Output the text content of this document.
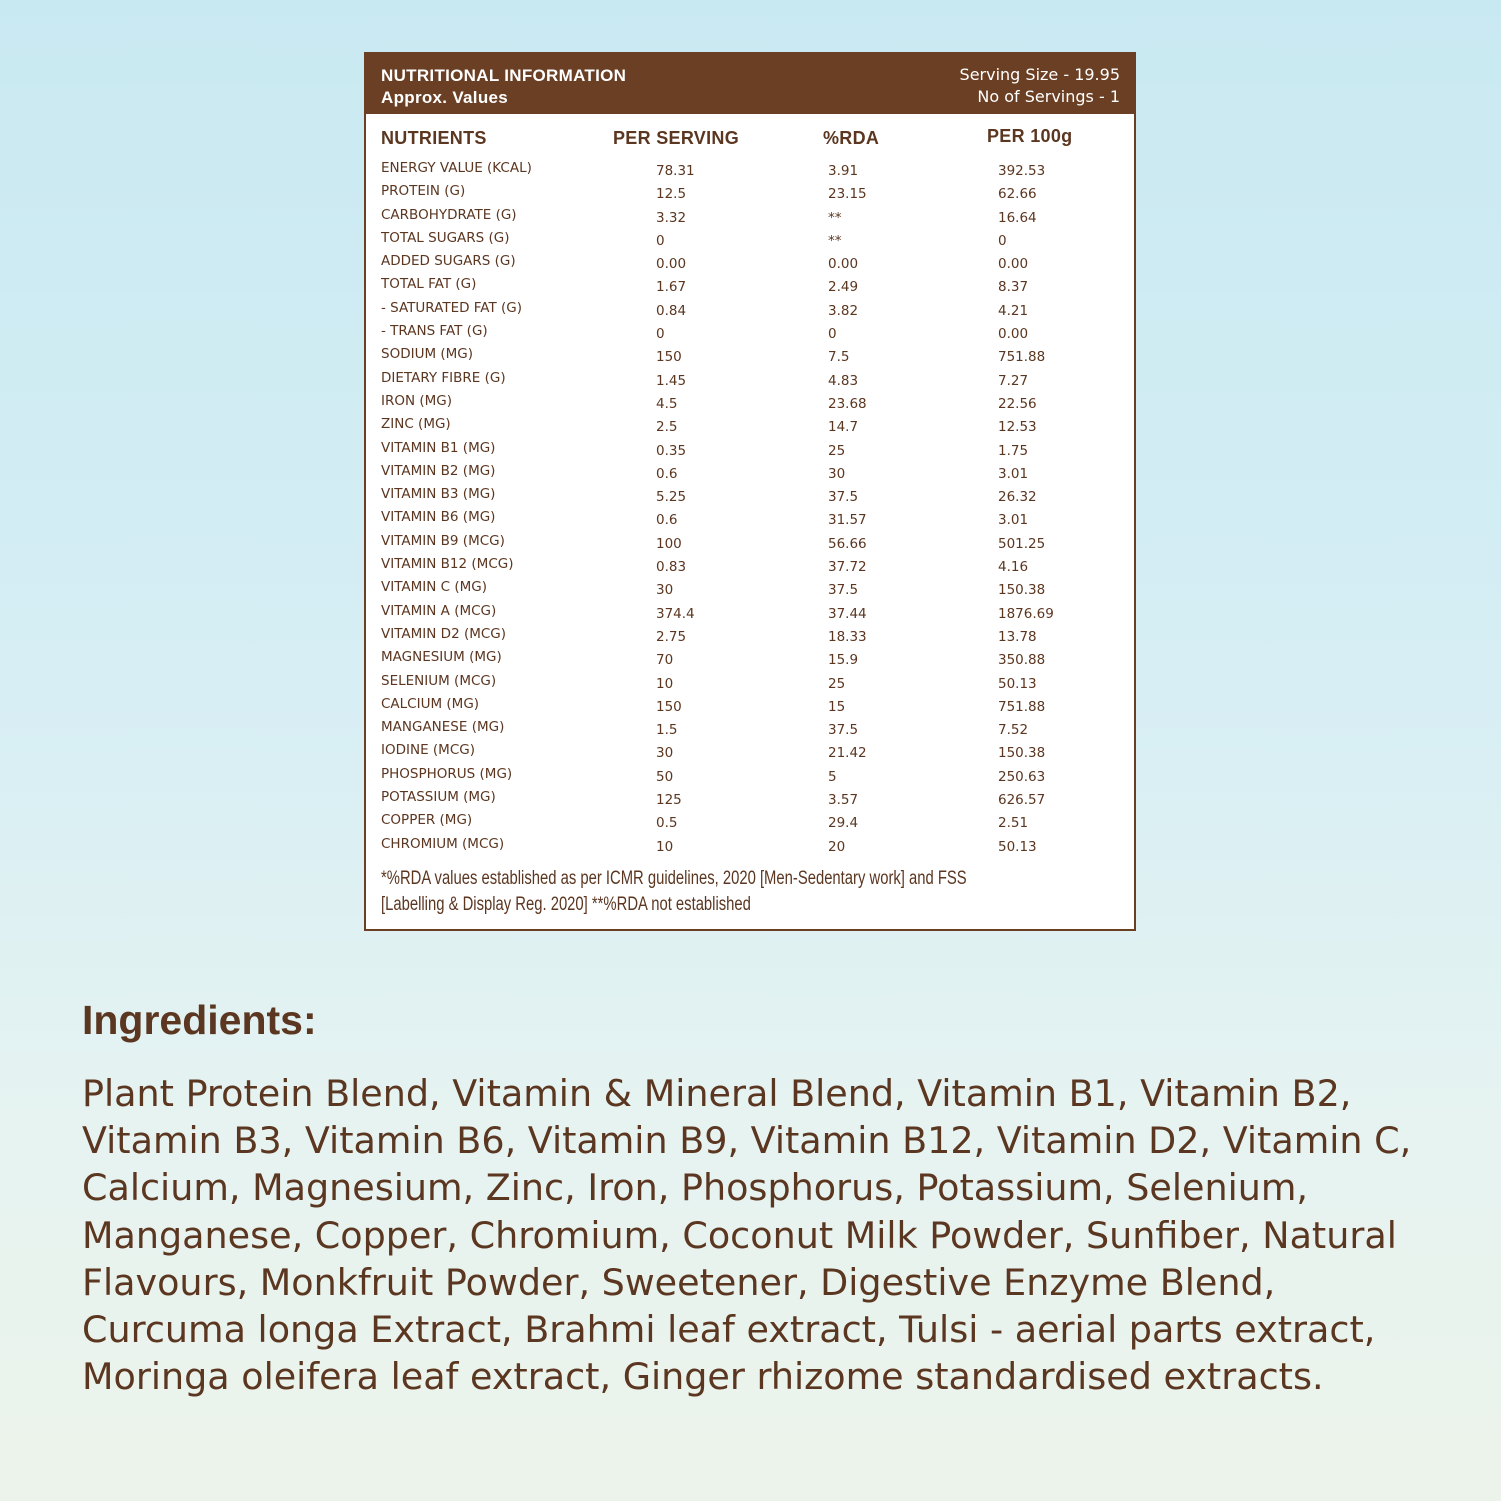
NUTRITIONAL INFORMATION
Approx. Values
Serving Size - 19.95
No of Servings - 1
NUTRIENTS	PER SERVING	%RDA	PER 100g
ENERGY VALUE (KCAL)	78.31	3.91	392.53
PROTEIN (G)	12.5	23.15	62.66
CARBOHYDRATE (G)	3.32	**	16.64
TOTAL SUGARS (G)	0	**	0
ADDED SUGARS (G)	0.00	0.00	0.00
TOTAL FAT (G)	1.67	2.49	8.37
- SATURATED FAT (G)	0.84	3.82	4.21
- TRANS FAT (G)	0	0	0.00
SODIUM (MG)	150	7.5	751.88
DIETARY FIBRE (G)	1.45	4.83	7.27
IRON (MG)	4.5	23.68	22.56
ZINC (MG)	2.5	14.7	12.53
VITAMIN B1 (MG)	0.35	25	1.75
VITAMIN B2 (MG)	0.6	30	3.01
VITAMIN B3 (MG)	5.25	37.5	26.32
VITAMIN B6 (MG)	0.6	31.57	3.01
VITAMIN B9 (MCG)	100	56.66	501.25
VITAMIN B12 (MCG)	0.83	37.72	4.16
VITAMIN C (MG)	30	37.5	150.38
VITAMIN A (MCG)	374.4	37.44	1876.69
VITAMIN D2 (MCG)	2.75	18.33	13.78
MAGNESIUM (MG)	70	15.9	350.88
SELENIUM (MCG)	10	25	50.13
CALCIUM (MG)	150	15	751.88
MANGANESE (MG)	1.5	37.5	7.52
IODINE (MCG)	30	21.42	150.38
PHOSPHORUS (MG)	50	5	250.63
POTASSIUM (MG)	125	3.57	626.57
COPPER (MG)	0.5	29.4	2.51
CHROMIUM (MCG)	10	20	50.13
*%RDA values established as per ICMR guidelines, 2020 [Men-Sedentary work] and FSS
[Labelling & Display Reg. 2020] **%RDA not established
Ingredients:
Plant Protein Blend, Vitamin & Mineral Blend, Vitamin B1, Vitamin B2, Vitamin B3, Vitamin B6, Vitamin B9, Vitamin B12, Vitamin D2, Vitamin C, Calcium, Magnesium, Zinc, Iron, Phosphorus, Potassium, Selenium, Manganese, Copper, Chromium, Coconut Milk Powder, Sunfiber, Natural Flavours, Monkfruit Powder, Sweetener, Digestive Enzyme Blend, Curcuma longa Extract, Brahmi leaf extract, Tulsi - aerial parts extract, Moringa oleifera leaf extract, Ginger rhizome standardised extracts.
